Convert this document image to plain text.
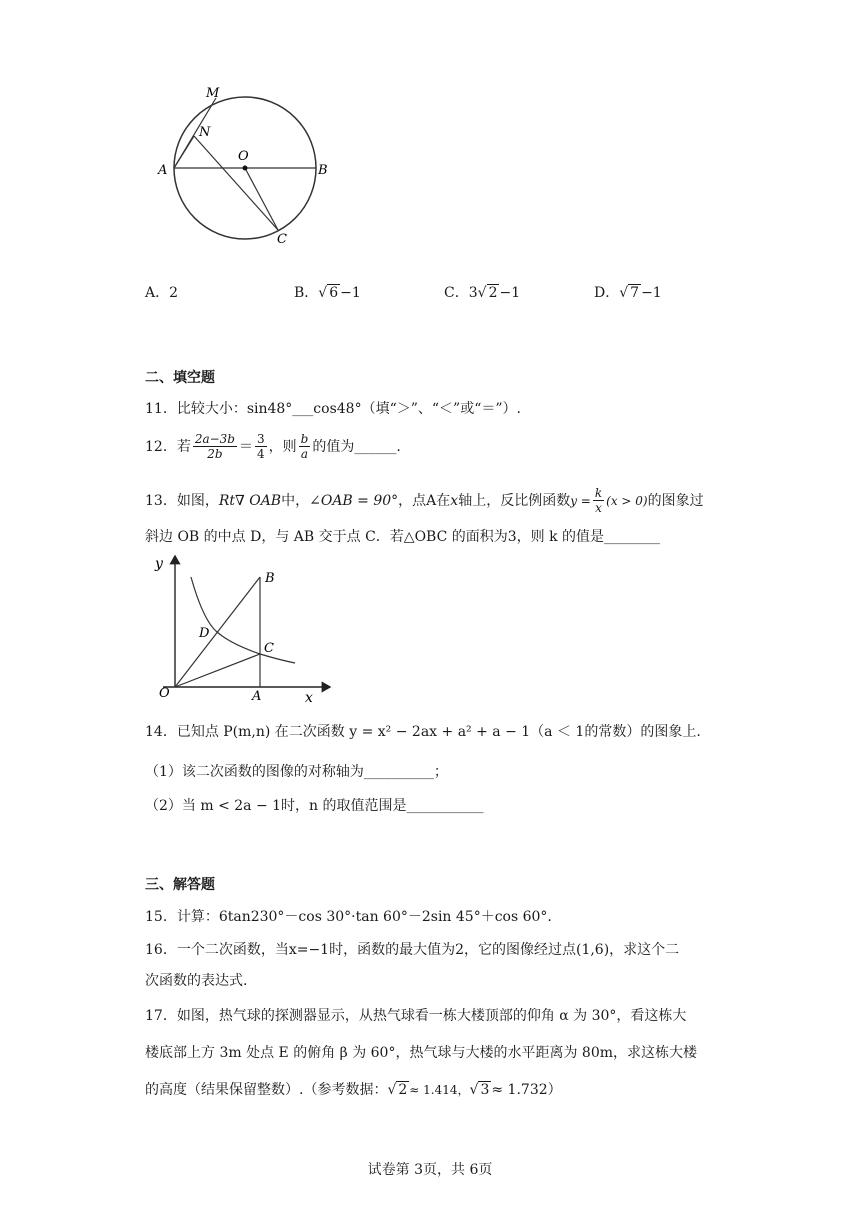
M
N
O
A	B
C
A．2	B．√ 6 −1	C．3√ 2 −1	D．√ 7 −1
二、填空题
11．比较大小：sin48°___cos48°（填“＞”、“＜”或“＝”）.
12．若 $\frac{2a-3b}{2b} = \frac{3}{4}$ ，则 $\frac{b}{a}$ 的值为______.
13．如图， Rt∇ OAB 中， ∠OAB = 90° ，点A在 x 轴上，反比例函数 $y = \frac{k}{x} (x > 0)$ 的图象过
斜边 OB 的中点 D，与 AB 交于点 C．若△OBC 的面积为3，则 k 的值是________
y
x
O	A
B
C
D
14．已知点 P(m,n) 在二次函数 y = x² − 2ax + a² + a − 1（a ＜ 1的常数）的图象上.
（1）该二次函数的图像的对称轴为__________；
（2）当 m < 2a − 1时，n 的取值范围是___________
三、解答题
15．计算：6tan230°－cos 30°·tan 60°－2sin 45°＋cos 60°.
16．一个二次函数，当x=−1时，函数的最大值为2，它的图像经过点(1,6)，求这个二
次函数的表达式.
17．如图，热气球的探测器显示，从热气球看一栋大楼顶部的仰角 α 为 30°，看这栋大
楼底部上方 3m 处点 E 的俯角 β 为 60°，热气球与大楼的水平距离为 80m，求这栋大楼
的高度（结果保留整数）.（参考数据：√ 2 ≈ 1.414，√ 3 ≈ 1.732）
试卷第 3页，共 6页
